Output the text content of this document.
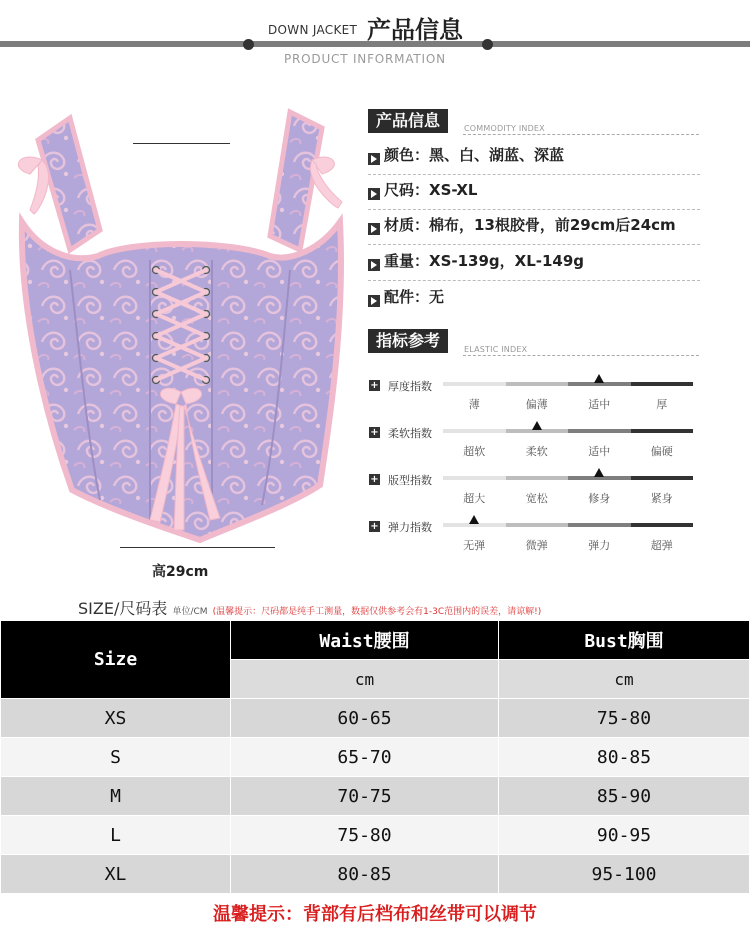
DOWN JACKET 产品信息
PRODUCT INFORMATION
高29cm
产品信息	COMMODITY INDEX
颜色：黑、白、湖蓝、深蓝
尺码：XS-XL
材质：棉布，13根胶骨，前29cm后24cm
重量：XS-139g，XL-149g
配件：无
指标参考	ELASTIC INDEX
+ 厚度指数
薄	偏薄	适中	厚
+ 柔软指数
超软	柔软	适中	偏硬
+ 版型指数
超大	宽松	修身	紧身
+ 弹力指数
无弹	微弹	弹力	超弹
SIZE/尺码表 单位/CM (温馨提示：尺码都是纯手工测量，数据仅供参考会有1-3C范围内的误差，请谅解!)
Size	Waist腰围	Bust胸围
	cm	cm
XS	60-65	75-80
S	65-70	80-85
M	70-75	85-90
L	75-80	90-95
XL	80-85	95-100
温馨提示：背部有后档布和丝带可以调节
